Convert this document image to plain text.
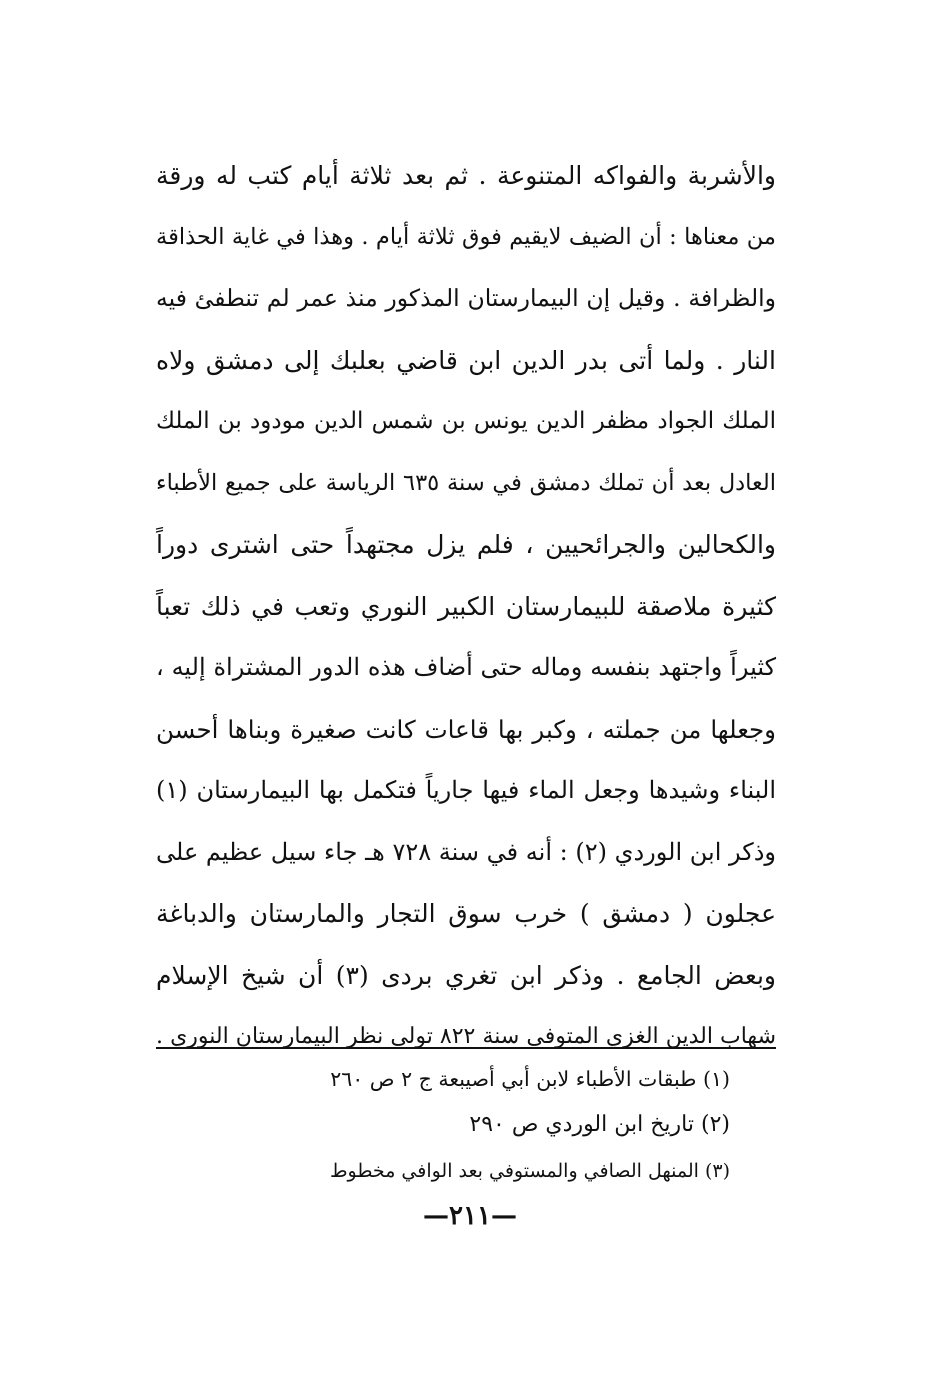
والأشربة والفواكه المتنوعة . ثم بعد ثلاثة أيام كتب له ورقة
من معناها : أن الضيف لايقيم فوق ثلاثة أيام . وهذا في غاية الحذاقة
والظرافة . وقيل إن البيمارستان المذكور منذ عمر لم تنطفئ فيه
النار . ولما أتى بدر الدين ابن قاضي بعلبك إلى دمشق ولاه
الملك الجواد مظفر الدين يونس بن شمس الدين مودود بن الملك
العادل بعد أن تملك دمشق في سنة ٦٣٥ الرياسة على جميع الأطباء
والكحالين والجرائحيين ، فلم يزل مجتهداً حتى اشترى دوراً
كثيرة ملاصقة للبيمارستان الكبير النوري وتعب في ذلك تعباً
كثيراً واجتهد بنفسه وماله حتى أضاف هذه الدور المشتراة إليه ،
وجعلها من جملته ، وكبر بها قاعات كانت صغيرة وبناها أحسن
البناء وشيدها وجعل الماء فيها جارياً فتكمل بها البيمارستان (١)
وذكر ابن الوردي (٢) : أنه في سنة ٧٢٨ هـ جاء سيل عظيم على
عجلون ( دمشق ) خرب سوق التجار والمارستان والدباغة
وبعض الجامع . وذكر ابن تغري بردى (٣) أن شيخ الإسلام
شهاب الدين الغزي المتوفى سنة ٨٢٢ تولى نظر البيمارستان النوري .
(١) طبقات الأطباء لابن أبي أصيبعة ج ٢ ص ٢٦٠
(٢) تاريخ ابن الوردي ص ٢٩٠
(٣) المنهل الصافي والمستوفي بعد الوافي مخطوط
—٢١١—
